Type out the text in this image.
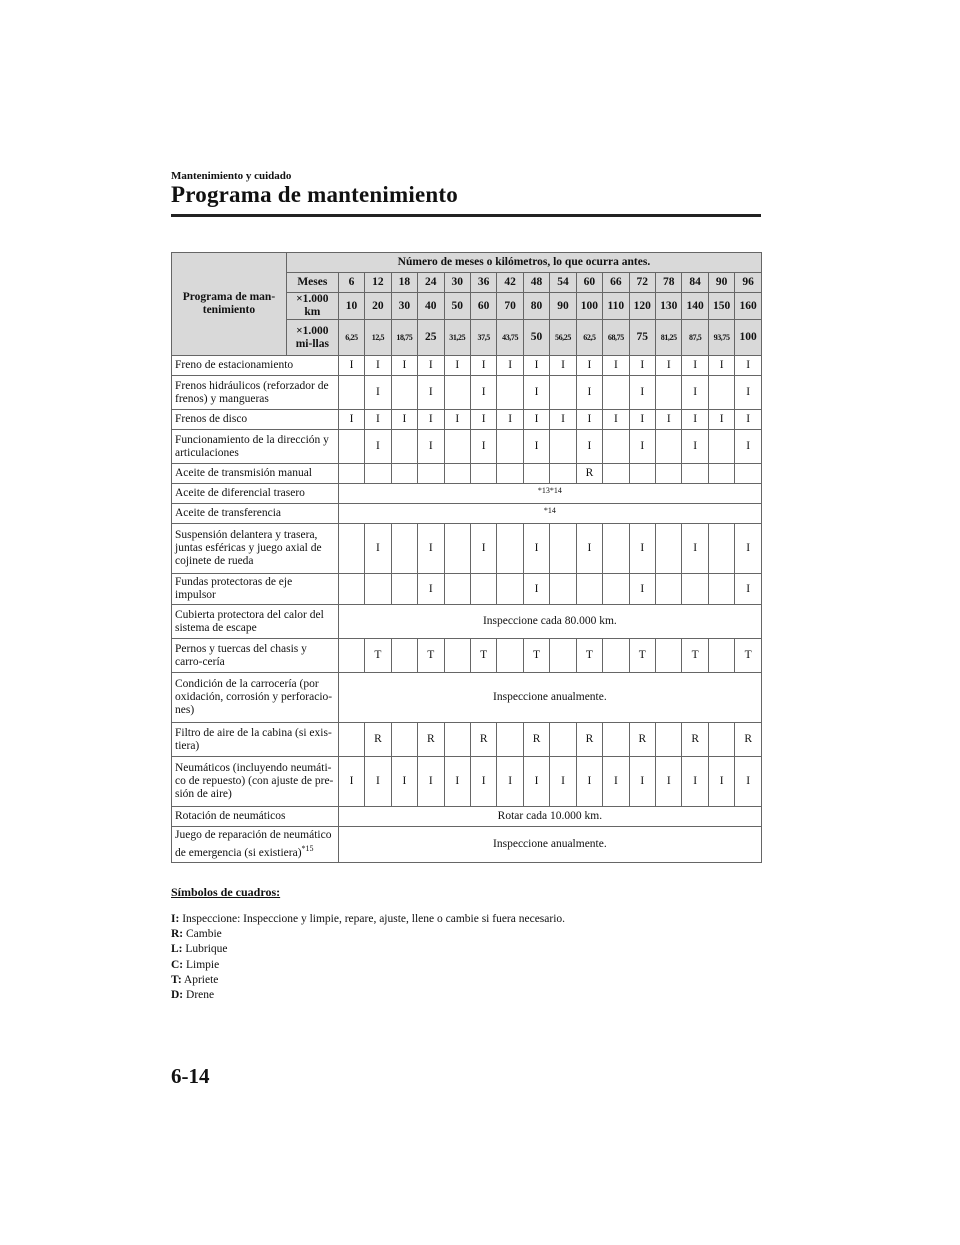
Mantenimiento y cuidado
Programa de mantenimiento
Programa de man-tenimiento	Número de meses o kilómetros, lo que ocurra antes.																
	Meses	6	12	18	24	30	36	42	48	54	60	66	72	78	84	90	96
	×1.000 km	10	20	30	40	50	60	70	80	90	100	110	120	130	140	150	160
	×1.000 mi-llas	6,25	12,5	18,75	25	31,25	37,5	43,75	50	56,25	62,5	68,75	75	81,25	87,5	93,75	100
Freno de estacionamiento		I	I	I	I	I	I	I	I	I	I	I	I	I	I	I	I
Frenos hidráulicos (reforzador de frenos) y mangueras			I		I		I		I		I		I		I		I
Frenos de disco		I	I	I	I	I	I	I	I	I	I	I	I	I	I	I	I
Funcionamiento de la dirección y articulaciones			I		I		I		I		I		I		I		I
Aceite de transmisión manual											R						
Aceite de diferencial trasero		*13*14															
Aceite de transferencia		*14															
Suspensión delantera y trasera, juntas esféricas y juego axial de cojinete de rueda			I		I		I		I		I		I		I		I
Fundas protectoras de eje impulsor					I				I				I				I
Cubierta protectora del calor del sistema de escape		Inspeccione cada 80.000 km.															
Pernos y tuercas del chasis y carro-cería			T		T		T		T		T		T		T		T
Condición de la carrocería (por oxidación, corrosión y perforacio-nes)		Inspeccione anualmente.															
Filtro de aire de la cabina (si exis-tiera)			R		R		R		R		R		R		R		R
Neumáticos (incluyendo neumáti-co de repuesto) (con ajuste de pre-sión de aire)		I	I	I	I	I	I	I	I	I	I	I	I	I	I	I	I
Rotación de neumáticos		Rotar cada 10.000 km.															
Juego de reparación de neumático de emergencia (si existiera)$^{*15}$		Inspeccione anualmente.															
Símbolos de cuadros:
I: Inspeccione: Inspeccione y limpie, repare, ajuste, llene o cambie si fuera necesario.
R: Cambie
L: Lubrique
C: Limpie
T: Apriete
D: Drene
6-14
